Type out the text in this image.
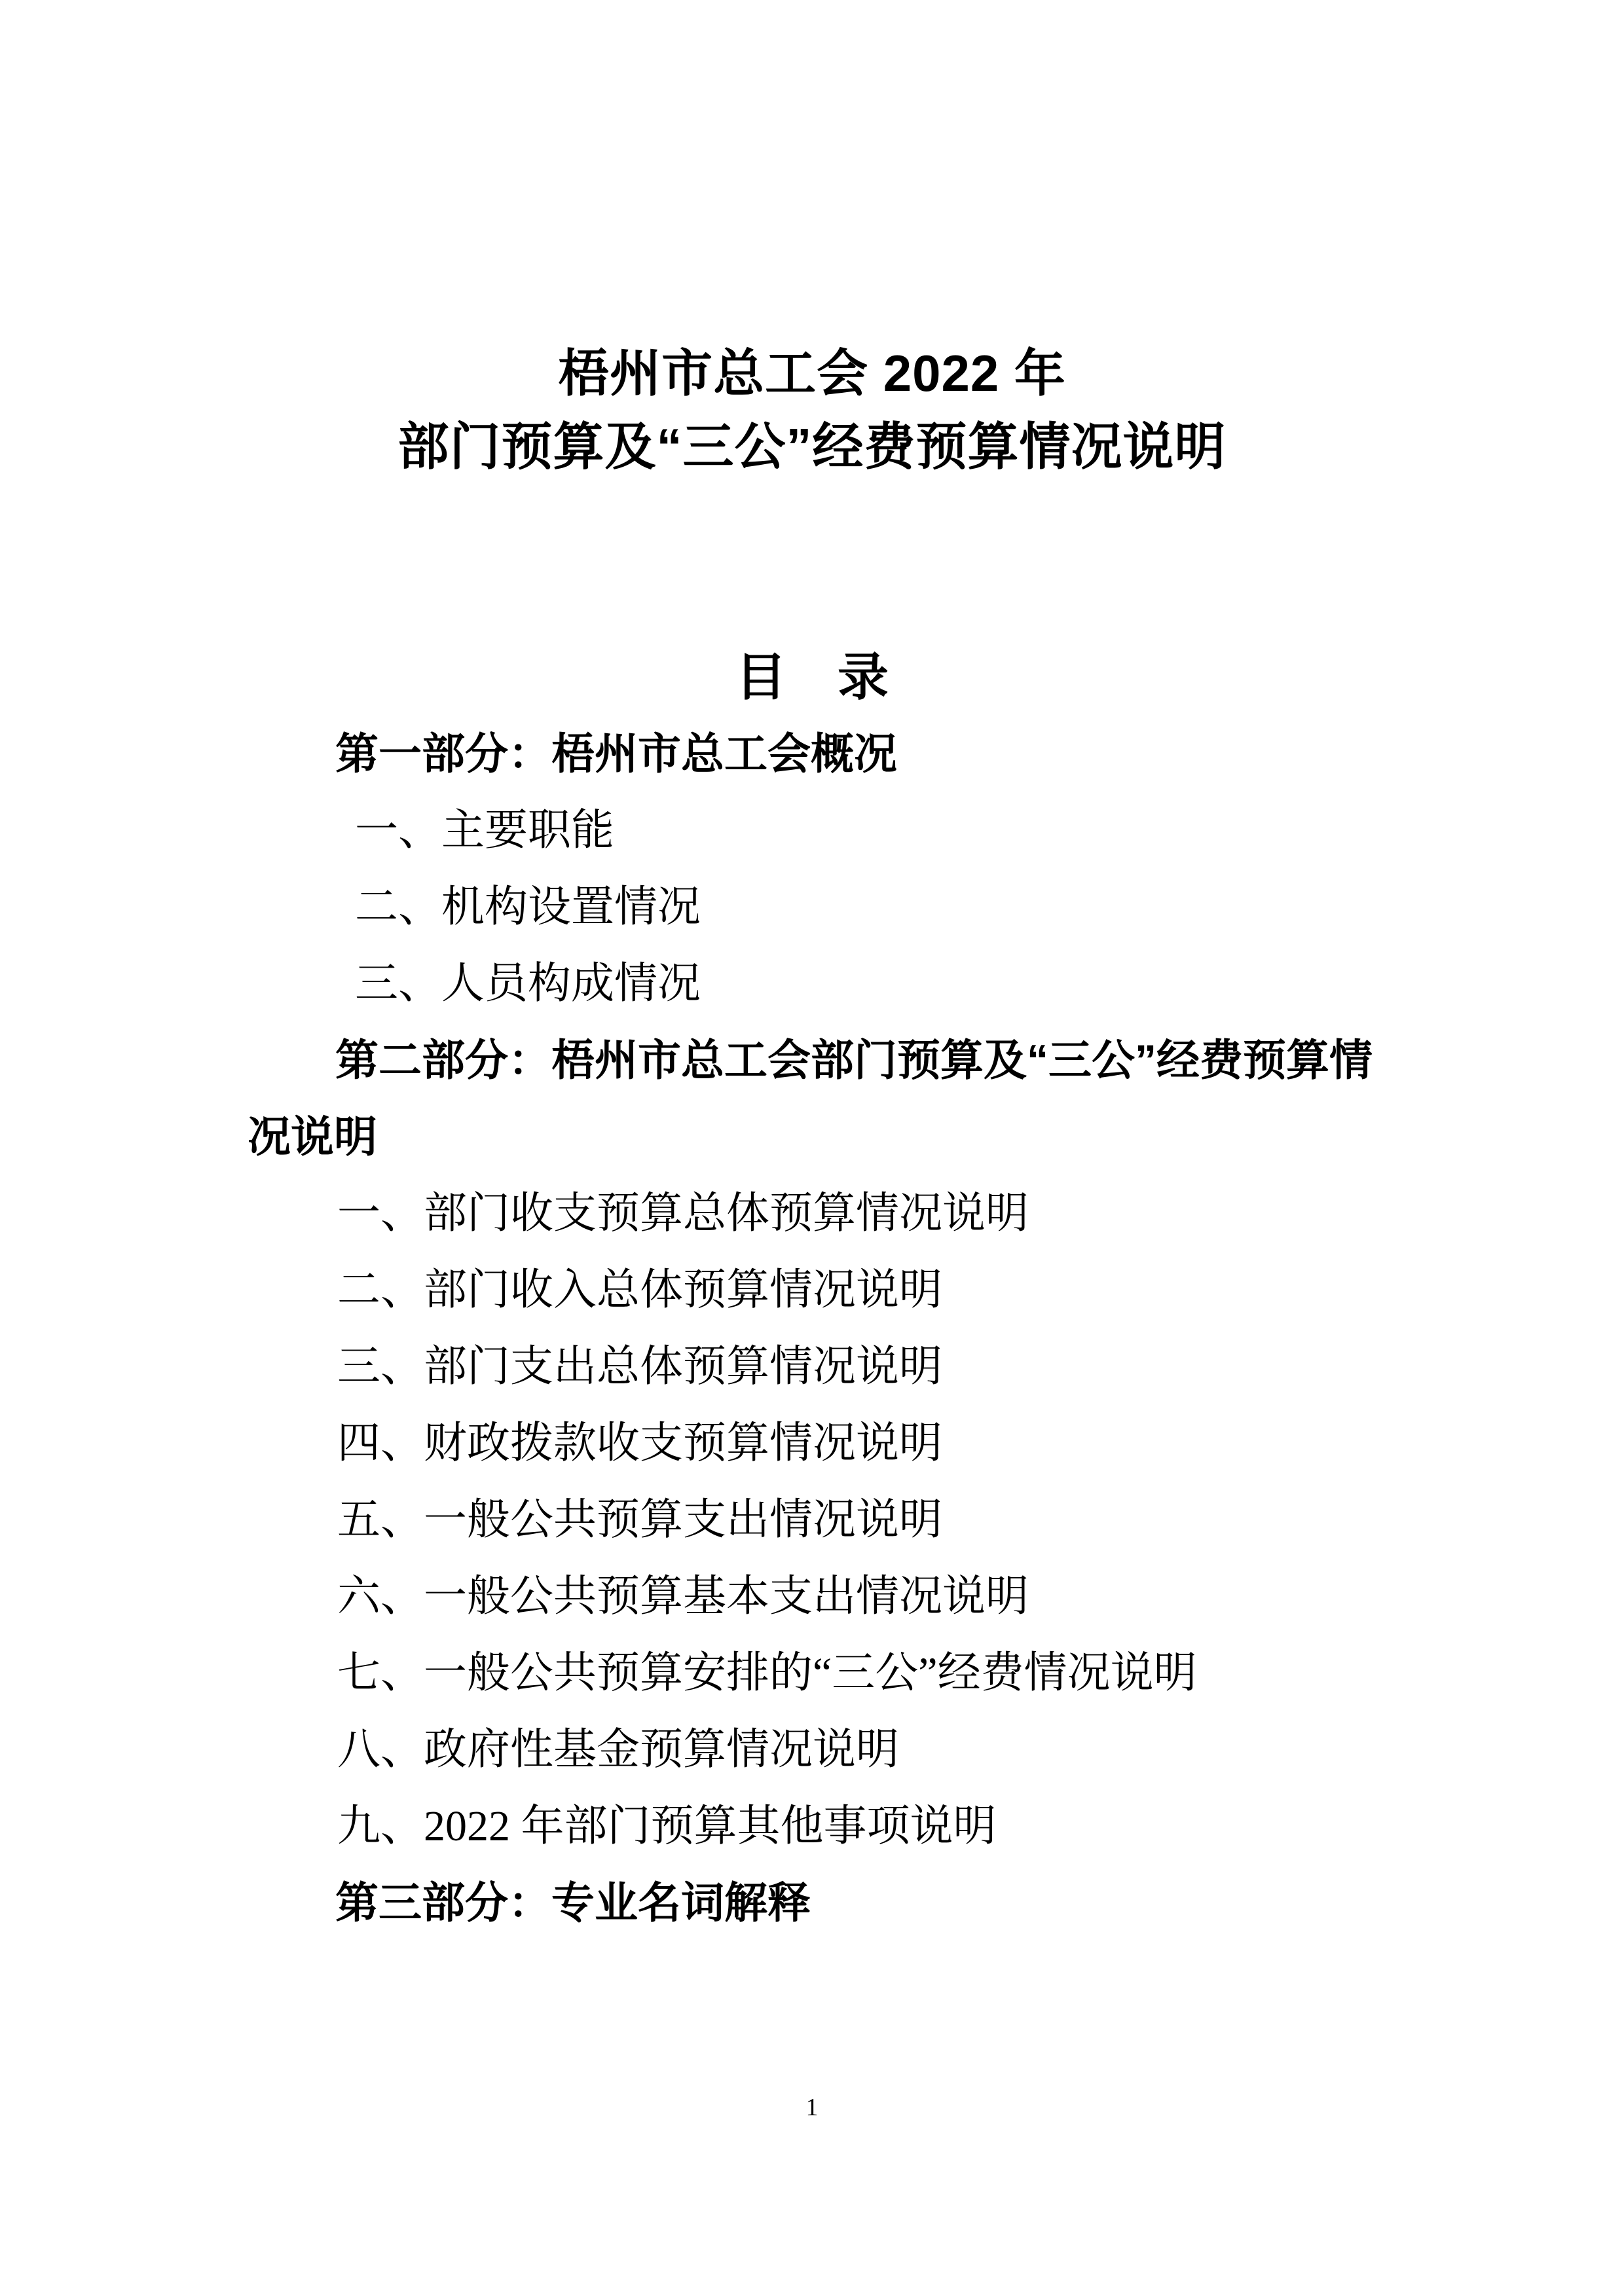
梧州市总工会 2022 年
部门预算及“三公”经费预算情况说明
目　录

第一部分：梧州市总工会概况

一、主要职能

二、机构设置情况

三、人员构成情况

第二部分：梧州市总工会部门预算及“三公”经费预算情况说明

一、部门收支预算总体预算情况说明

二、部门收入总体预算情况说明

三、部门支出总体预算情况说明

四、财政拨款收支预算情况说明

五、一般公共预算支出情况说明

六、一般公共预算基本支出情况说明

七、一般公共预算安排的“三公”经费情况说明

八、政府性基金预算情况说明

九、2022 年部门预算其他事项说明

第三部分：专业名词解释

1
